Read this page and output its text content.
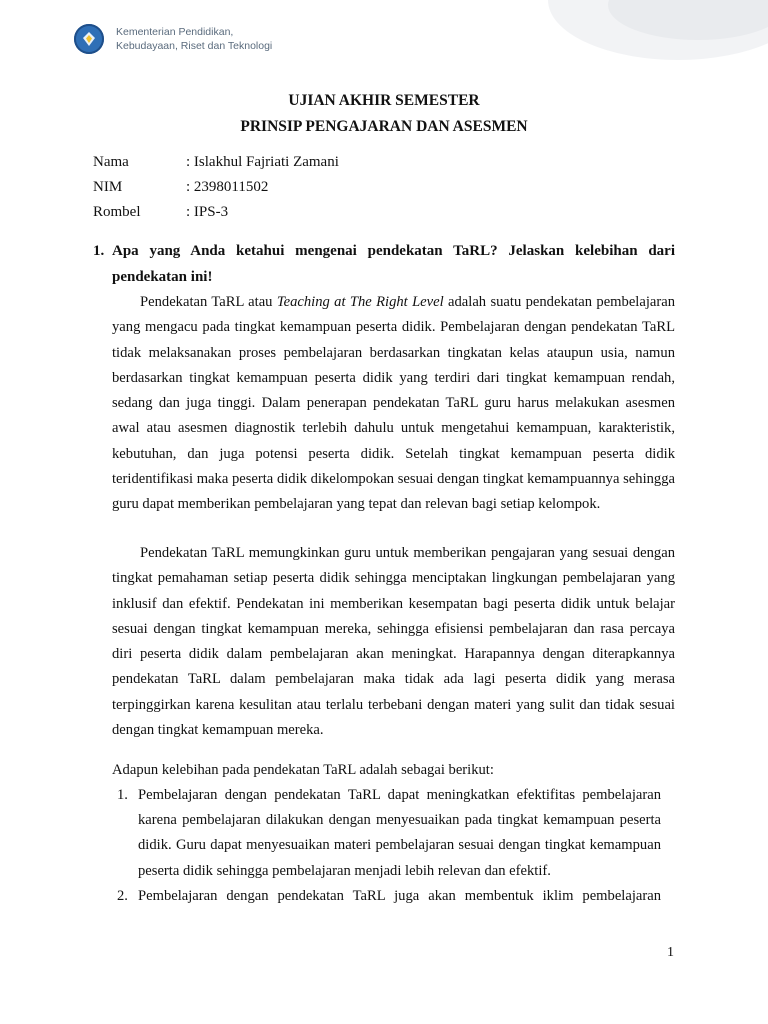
Kementerian Pendidikan,
Kebudayaan, Riset dan Teknologi
UJIAN AKHIR SEMESTER
PRINSIP PENGAJARAN DAN ASESMEN
Nama	: Islakhul Fajriati Zamani
NIM	: 2398011502
Rombel	: IPS-3
1. Apa yang Anda ketahui mengenai pendekatan TaRL? Jelaskan kelebihan dari pendekatan ini!

Pendekatan TaRL atau Teaching at The Right Level adalah suatu pendekatan pembelajaran yang mengacu pada tingkat kemampuan peserta didik. Pembelajaran dengan pendekatan TaRL tidak melaksanakan proses pembelajaran berdasarkan tingkatan kelas ataupun usia, namun berdasarkan tingkat kemampuan peserta didik yang terdiri dari tingkat kemampuan rendah, sedang dan juga tinggi. Dalam penerapan pendekatan TaRL guru harus melakukan asesmen awal atau asesmen diagnostik terlebih dahulu untuk mengetahui kemampuan, karakteristik, kebutuhan, dan juga potensi peserta didik. Setelah tingkat kemampuan peserta didik teridentifikasi maka peserta didik dikelompokan sesuai dengan tingkat kemampuannya sehingga guru dapat memberikan pembelajaran yang tepat dan relevan bagi setiap kelompok.

Pendekatan TaRL memungkinkan guru untuk memberikan pengajaran yang sesuai dengan tingkat pemahaman setiap peserta didik sehingga menciptakan lingkungan pembelajaran yang inklusif dan efektif. Pendekatan ini memberikan kesempatan bagi peserta didik untuk belajar sesuai dengan tingkat kemampuan mereka, sehingga efisiensi pembelajaran dan rasa percaya diri peserta didik dalam pembelajaran akan meningkat. Harapannya dengan diterapkannya pendekatan TaRL dalam pembelajaran maka tidak ada lagi peserta didik yang merasa terpinggirkan karena kesulitan atau terlalu terbebani dengan materi yang sulit dan tidak sesuai dengan tingkat kemampuan mereka.

Adapun kelebihan pada pendekatan TaRL adalah sebagai berikut:
1. Pembelajaran dengan pendekatan TaRL dapat meningkatkan efektifitas pembelajaran karena pembelajaran dilakukan dengan menyesuaikan pada tingkat kemampuan peserta didik. Guru dapat menyesuaikan materi pembelajaran sesuai dengan tingkat kemampuan peserta didik sehingga pembelajaran menjadi lebih relevan dan efektif.
2. Pembelajaran dengan pendekatan TaRL juga akan membentuk iklim pembelajaran
1
